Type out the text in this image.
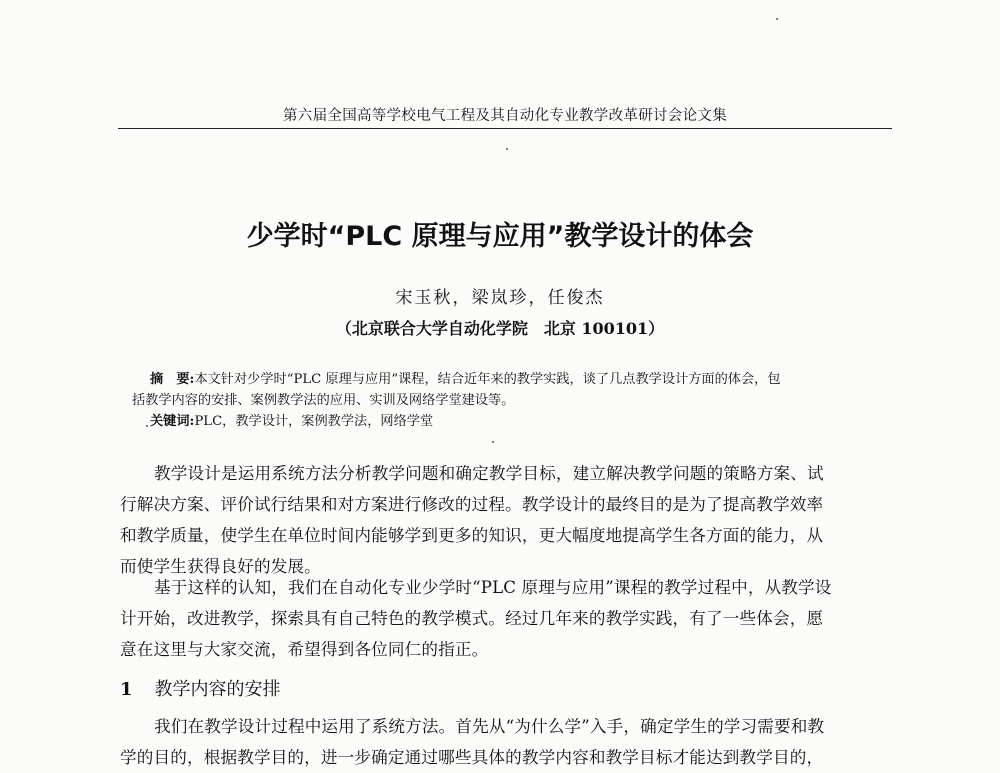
第六届全国高等学校电气工程及其自动化专业教学改革研讨会论文集
少学时“PLC 原理与应用”教学设计的体会
宋玉秋，梁岚珍，任俊杰
（北京联合大学自动化学院　北京 100101）
摘　要:本文针对少学时“PLC 原理与应用”课程，结合近年来的教学实践，谈了几点教学设计方面的体会，包
括教学内容的安排、案例教学法的应用、实训及网络学堂建设等。
关键词:PLC，教学设计，案例教学法，网络学堂
教学设计是运用系统方法分析教学问题和确定教学目标，建立解决教学问题的策略方案、试
行解决方案、评价试行结果和对方案进行修改的过程。教学设计的最终目的是为了提高教学效率
和教学质量，使学生在单位时间内能够学到更多的知识，更大幅度地提高学生各方面的能力，从
而使学生获得良好的发展。
基于这样的认知，我们在自动化专业少学时“PLC 原理与应用”课程的教学过程中，从教学设
计开始，改进教学，探索具有自己特色的教学模式。经过几年来的教学实践，有了一些体会，愿
意在这里与大家交流，希望得到各位同仁的指正。
1 教学内容的安排
我们在教学设计过程中运用了系统方法。首先从“为什么学”入手，确定学生的学习需要和教
学的目的，根据教学目的，进一步确定通过哪些具体的教学内容和教学目标才能达到教学目的，
